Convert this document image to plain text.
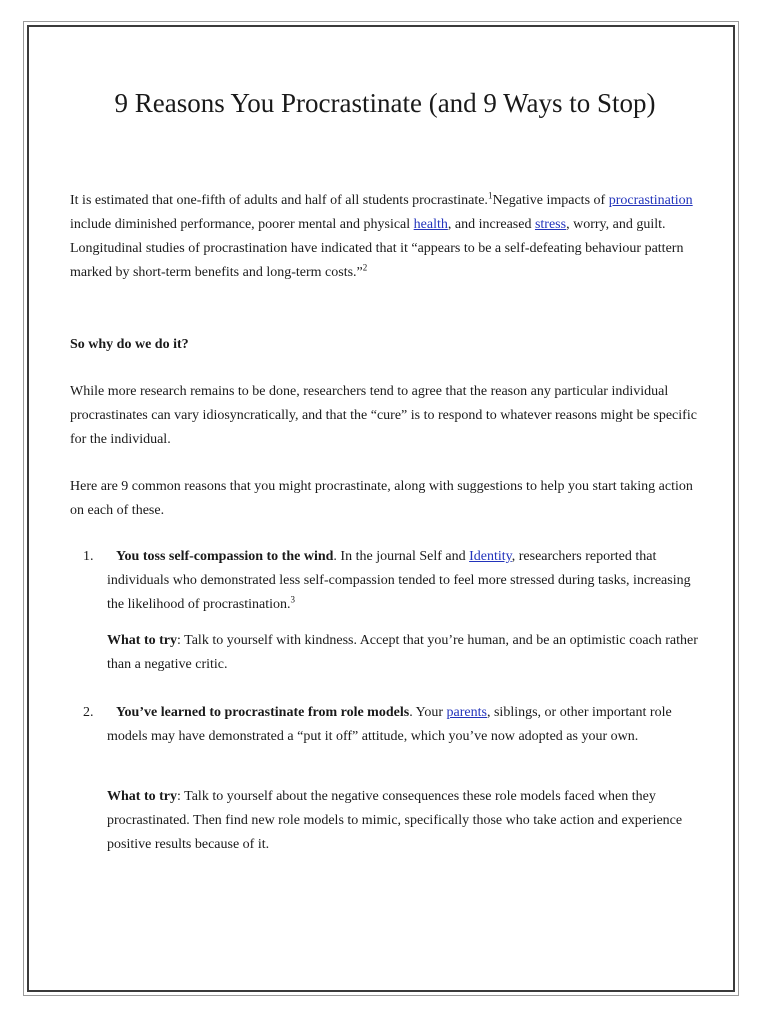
9 Reasons You Procrastinate (and 9 Ways to Stop)

It is estimated that one-fifth of adults and half of all students procrastinate.$^1$Negative impacts of procrastination include diminished performance, poorer mental and physical health, and increased stress, worry, and guilt. Longitudinal studies of procrastination have indicated that it “appears to be a self-defeating behaviour pattern marked by short-term benefits and long-term costs.”$^2$

So why do we do it?

While more research remains to be done, researchers tend to agree that the reason any particular individual procrastinates can vary idiosyncratically, and that the “cure” is to respond to whatever reasons might be specific for the individual.

Here are 9 common reasons that you might procrastinate, along with suggestions to help you start taking action on each of these.

1.	You toss self-compassion to the wind. In the journal Self and Identity, researchers reported that individuals who demonstrated less self-compassion tended to feel more stressed during tasks, increasing the likelihood of procrastination.$^3$

What to try: Talk to yourself with kindness. Accept that you’re human, and be an optimistic coach rather than a negative critic.

2.	You’ve learned to procrastinate from role models. Your parents, siblings, or other important role models may have demonstrated a “put it off” attitude, which you’ve now adopted as your own.

What to try: Talk to yourself about the negative consequences these role models faced when they procrastinated. Then find new role models to mimic, specifically those who take action and experience positive results because of it.
